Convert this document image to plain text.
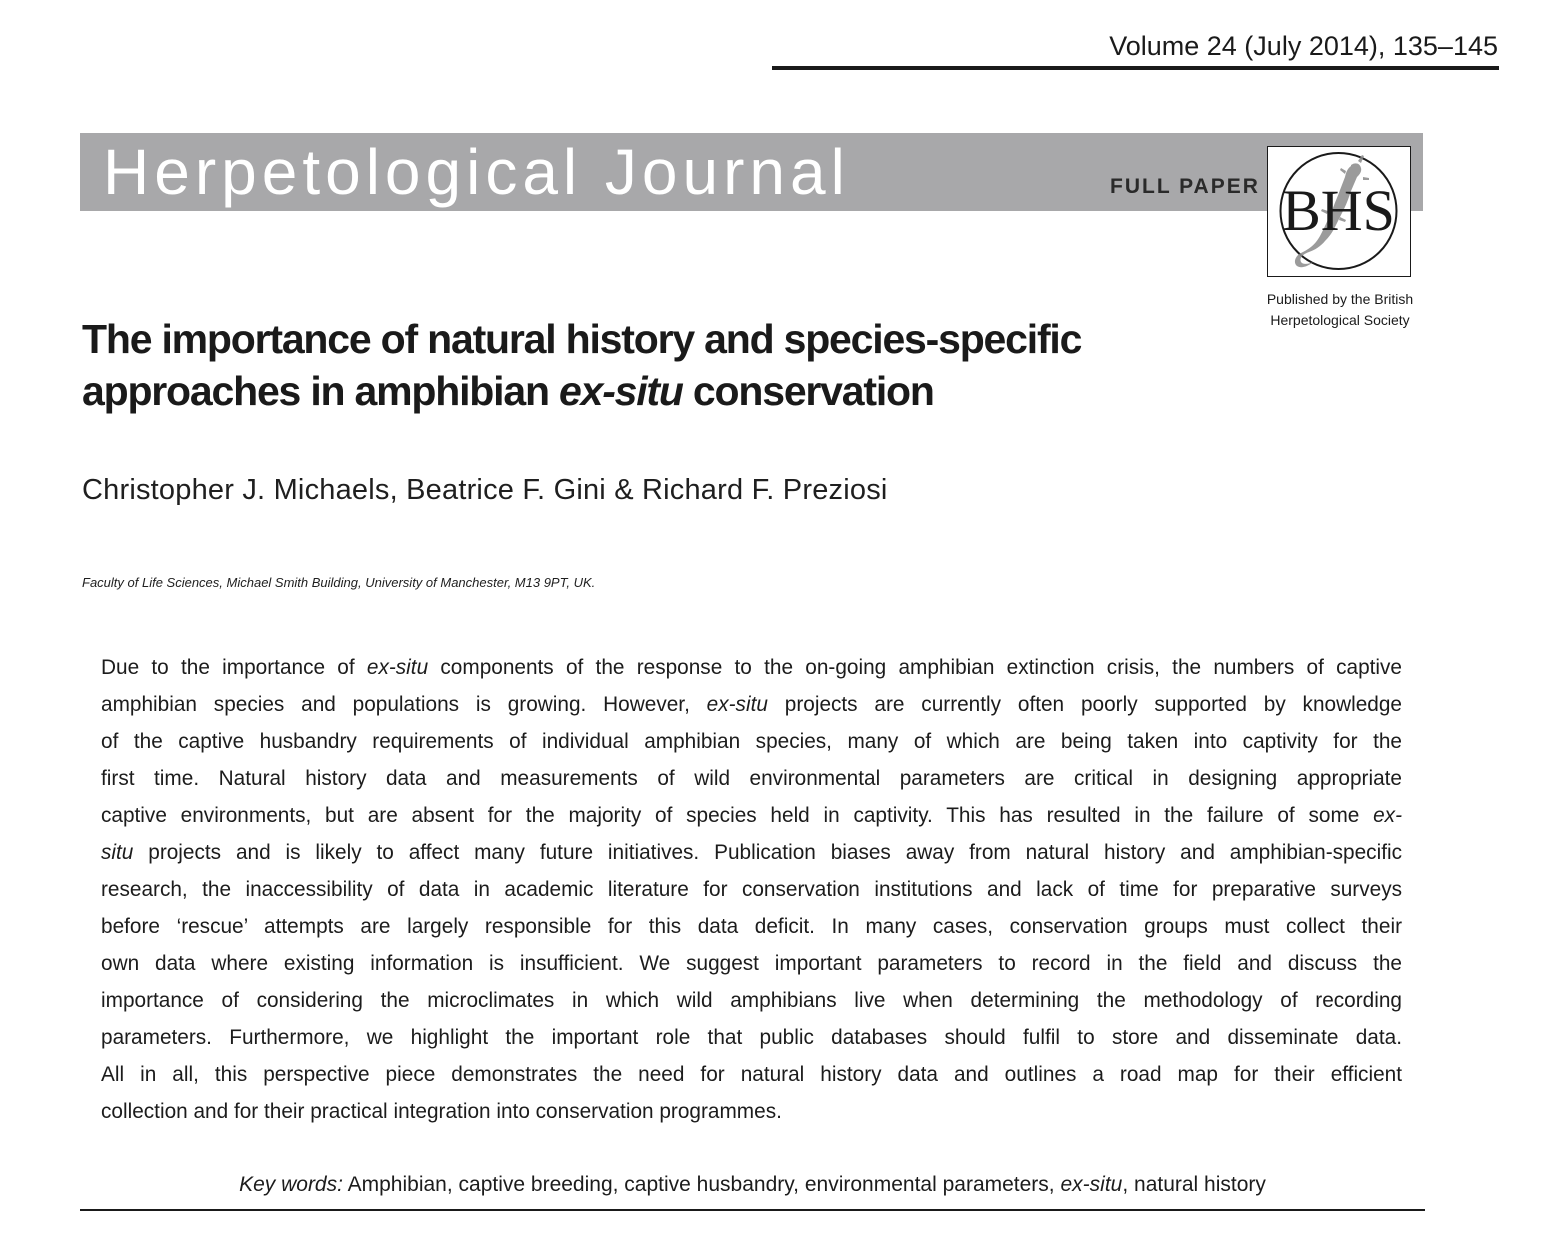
Volume 24 (July 2014), 135–145
Herpetological Journal	FULL PAPER BHS
Published by the British
Herpetological Society
The importance of natural history and species-specific
approaches in amphibian ex-situ conservation
Christopher J. Michaels, Beatrice F. Gini & Richard F. Preziosi
Faculty of Life Sciences, Michael Smith Building, University of Manchester, M13 9PT, UK.
Due to the importance of ex-situ components of the response to the on-going amphibian extinction crisis, the numbers of captive
amphibian species and populations is growing. However, ex-situ projects are currently often poorly supported by knowledge
of the captive husbandry requirements of individual amphibian species, many of which are being taken into captivity for the
first time. Natural history data and measurements of wild environmental parameters are critical in designing appropriate
captive environments, but are absent for the majority of species held in captivity. This has resulted in the failure of some ex-
situ projects and is likely to affect many future initiatives. Publication biases away from natural history and amphibian-specific
research, the inaccessibility of data in academic literature for conservation institutions and lack of time for preparative surveys
before ‘rescue’ attempts are largely responsible for this data deficit. In many cases, conservation groups must collect their
own data where existing information is insufficient. We suggest important parameters to record in the field and discuss the
importance of considering the microclimates in which wild amphibians live when determining the methodology of recording
parameters. Furthermore, we highlight the important role that public databases should fulfil to store and disseminate data.
All in all, this perspective piece demonstrates the need for natural history data and outlines a road map for their efficient
collection and for their practical integration into conservation programmes.
Key words: Amphibian, captive breeding, captive husbandry, environmental parameters, ex-situ, natural history
